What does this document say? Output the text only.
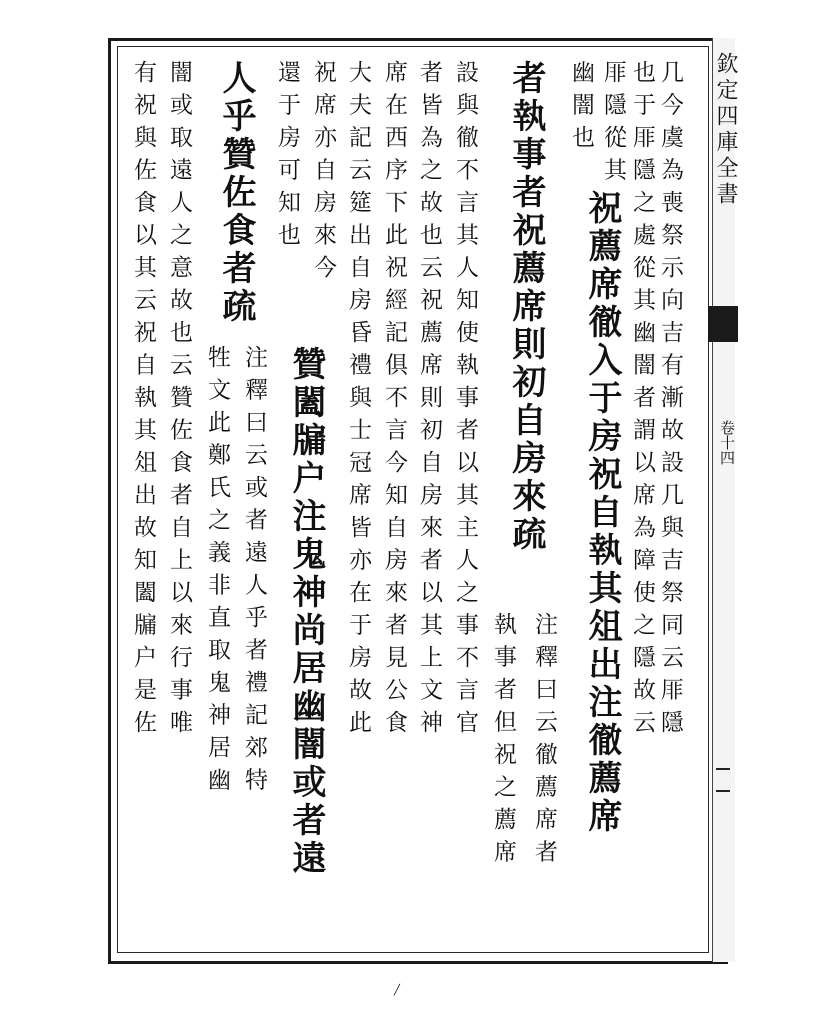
欽定四庫全書
卷十四
几今虞為喪祭示向吉有漸故設几與吉祭同云厞隱
也于厞隱之處從其幽闇者謂以席為障使之隱故云
厞隱從其
祝薦席徹入于房祝自執其俎出注徹薦席
幽闇也
者執事者祝薦席則初自房來疏
注釋曰云徹薦席者
執事者但祝之薦席
設與徹不言其人知使執事者以其主人之事不言官
者皆為之故也云祝薦席則初自房來者以其上文神
席在西序下此祝經記俱不言今知自房來者見公食
大夫記云筵出自房昏禮與士冠席皆亦在于房故此
祝席亦自房來今
贊闔牖户注鬼神尚居幽闇或者遠
還于房可知也
人乎贊佐食者疏
注釋曰云或者遠人乎者禮記郊特
牲文此鄭氏之義非直取鬼神居幽
闇或取遠人之意故也云贊佐食者自上以來行事唯
有祝與佐食以其云祝自執其俎出故知闔牖户是佐
╱
